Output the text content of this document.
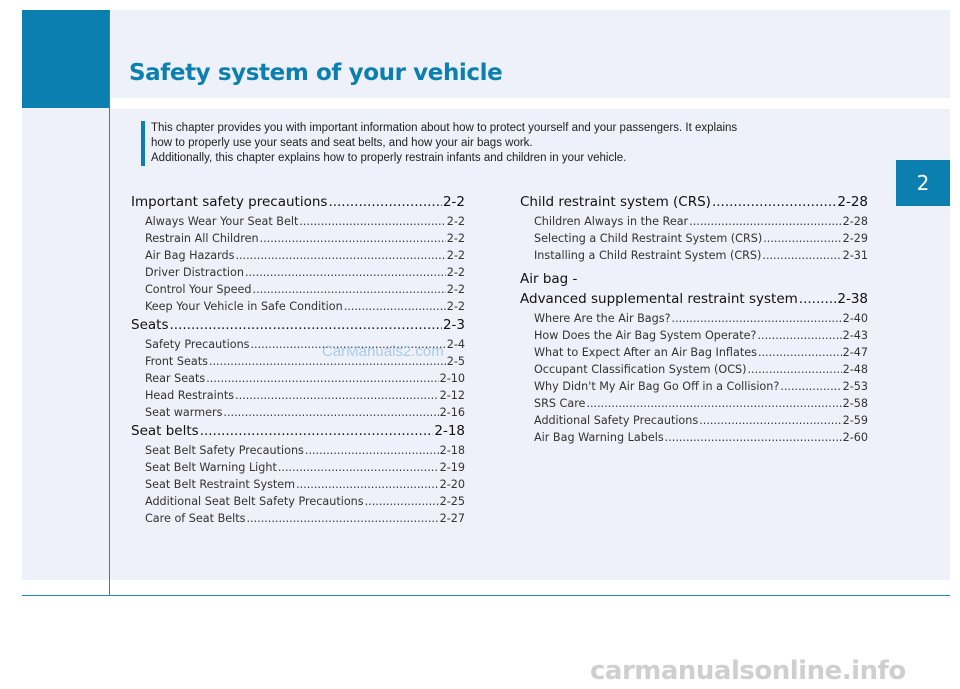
Safety system of your vehicle
2

This chapter provides you with important information about how to protect yourself and your passengers. It explains

how to properly use your seats and seat belts, and how your air bags work.

Additionally, this chapter explains how to properly restrain infants and children in your vehicle.

Important safety precautions .....	2-2
Always Wear Your Seat Belt .....	2-2
Restrain All Children .....	2-2
Air Bag Hazards .....	2-2
Driver Distraction .....	2-2
Control Your Speed .....	2-2
Keep Your Vehicle in Safe Condition .....	2-2
Seats .....	2-3
Safety Precautions .....	2-4
Front Seats .....	2-5
Rear Seats .....	2-10
Head Restraints .....	2-12
Seat warmers .....	2-16
Seat belts .....	2-18
Seat Belt Safety Precautions .....	2-18
Seat Belt Warning Light .....	2-19
Seat Belt Restraint System .....	2-20
Additional Seat Belt Safety Precautions .....	2-25
Care of Seat Belts .....	2-27
Child restraint system (CRS) .....	2-28
Children Always in the Rear .....	2-28
Selecting a Child Restraint System (CRS) .....	2-29
Installing a Child Restraint System (CRS) .....	2-31
Air bag -
Advanced supplemental restraint system .....	2-38
Where Are the Air Bags? .....	2-40
How Does the Air Bag System Operate? .....	2-43
What to Expect After an Air Bag Inflates .....	2-47
Occupant Classification System (OCS) .....	2-48
Why Didn't My Air Bag Go Off in a Collision? .....	2-53
SRS Care .....	2-58
Additional Safety Precautions .....	2-59
Air Bag Warning Labels .....	2-60
CarManuals2.com
carmanualsonline.info
